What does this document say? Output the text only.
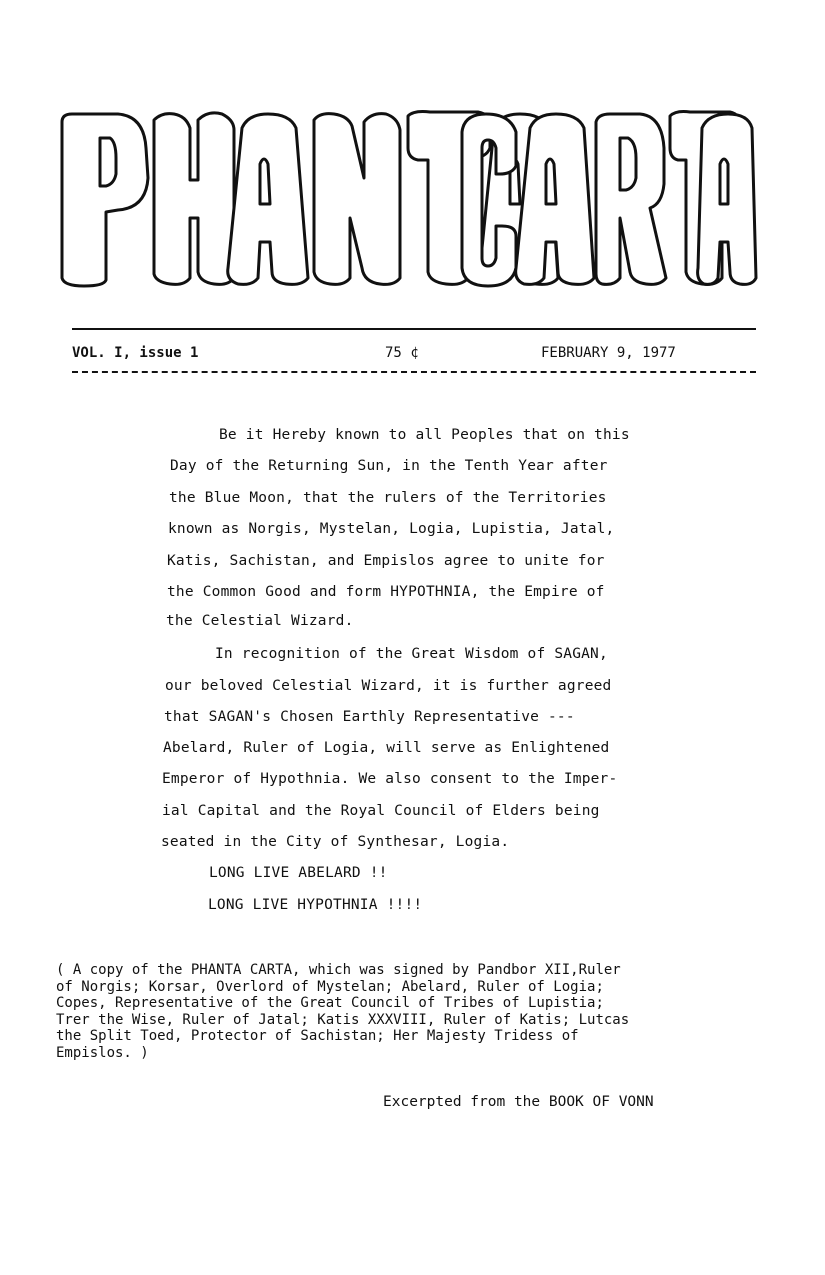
VOL. I, issue 1	75 ¢	FEBRUARY 9, 1977
Be it Hereby known to all Peoples that on this
Day of the Returning Sun, in the Tenth Year after
the Blue Moon, that the rulers of the Territories
known as Norgis, Mystelan, Logia, Lupistia, Jatal,
Katis, Sachistan, and Empislos agree to unite for
the Common Good and form HYPOTHNIA, the Empire of
the Celestial Wizard.
In recognition of the Great Wisdom of SAGAN,
our beloved Celestial Wizard, it is further agreed
that SAGAN's Chosen Earthly Representative ---
Abelard, Ruler of Logia, will serve as Enlightened
Emperor of Hypothnia. We also consent to the Imper-
ial Capital and the Royal Council of Elders being
seated in the City of Synthesar, Logia.
LONG LIVE ABELARD !!
LONG LIVE HYPOTHNIA !!!!
( A copy of the PHANTA CARTA, which was signed by Pandbor XII,Ruler
of Norgis; Korsar, Overlord of Mystelan; Abelard, Ruler of Logia;
Copes, Representative of the Great Council of Tribes of Lupistia;
Trer the Wise, Ruler of Jatal; Katis XXXVIII, Ruler of Katis; Lutcas
the Split Toed, Protector of Sachistan; Her Majesty Tridess of
Empislos. )
Excerpted from the BOOK OF VONN
